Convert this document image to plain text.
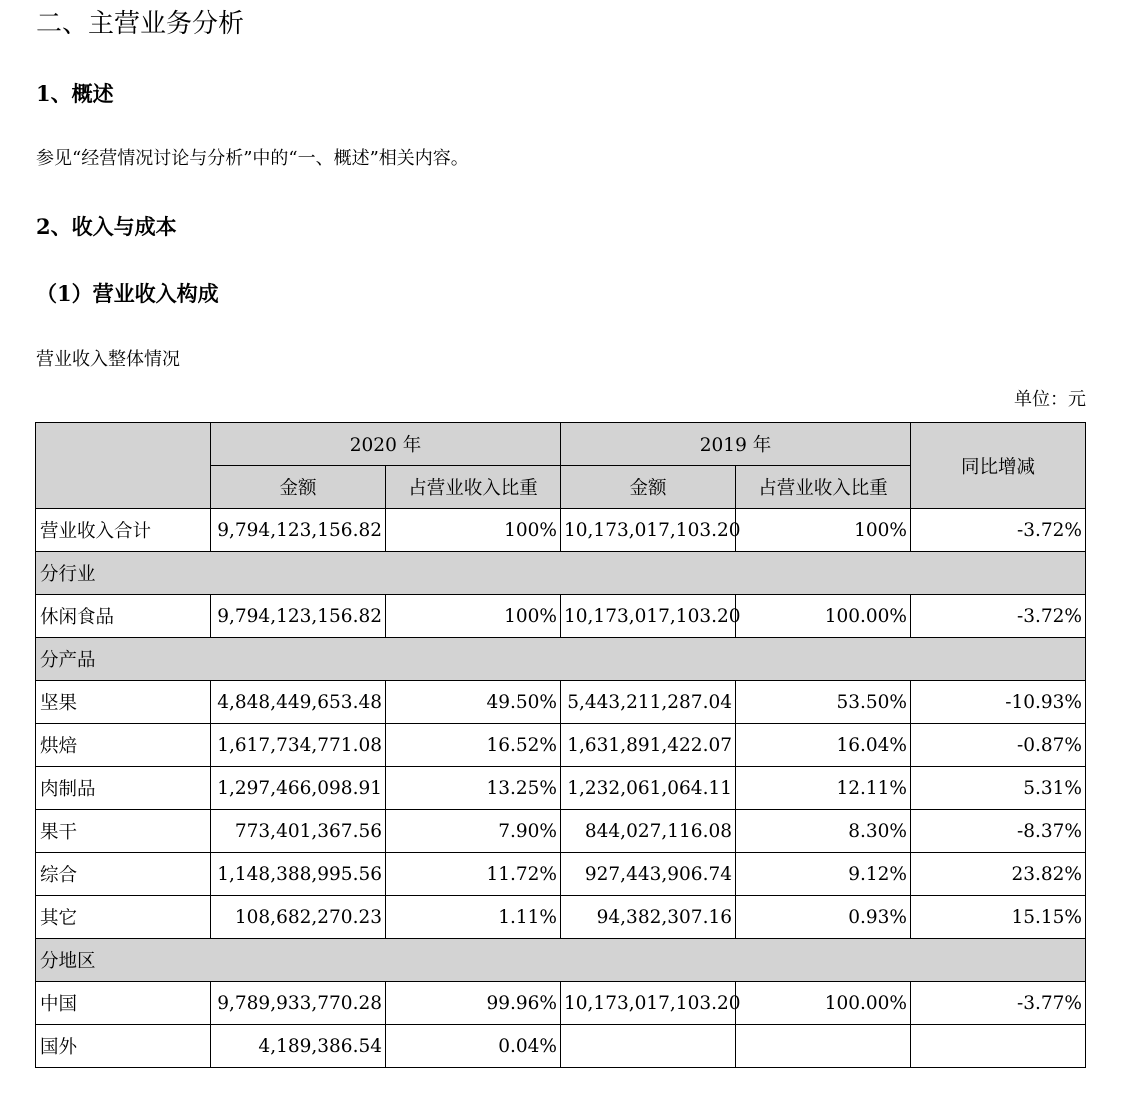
二、主营业务分析
1、概述

参见“经营情况讨论与分析”中的“一、概述”相关内容。

2、收入与成本
（1）营业收入构成

营业收入整体情况

单位：元

	2020 年		2019 年		同比增减
	金额	占营业收入比重	金额	占营业收入比重	
营业收入合计	9,794,123,156.82	100%	10,173,017,103.20	100%	-3.72%
分行业					
休闲食品	9,794,123,156.82	100%	10,173,017,103.20	100.00%	-3.72%
分产品					
坚果	4,848,449,653.48	49.50%	5,443,211,287.04	53.50%	-10.93%
烘焙	1,617,734,771.08	16.52%	1,631,891,422.07	16.04%	-0.87%
肉制品	1,297,466,098.91	13.25%	1,232,061,064.11	12.11%	5.31%
果干	773,401,367.56	7.90%	844,027,116.08	8.30%	-8.37%
综合	1,148,388,995.56	11.72%	927,443,906.74	9.12%	23.82%
其它	108,682,270.23	1.11%	94,382,307.16	0.93%	15.15%
分地区					
中国	9,789,933,770.28	99.96%	10,173,017,103.20	100.00%	-3.77%
国外	4,189,386.54	0.04%			
